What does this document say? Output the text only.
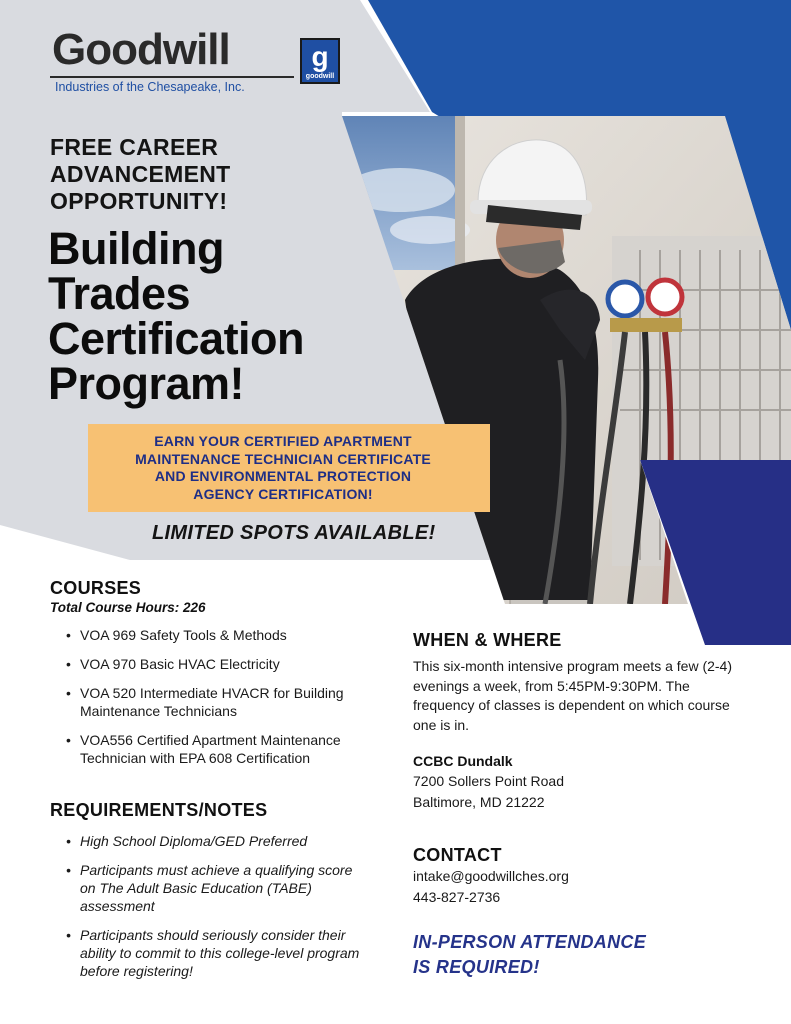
Goodwill
Industries of the Chesapeake, Inc.
g
goodwill
FREE CAREER
ADVANCEMENT
OPPORTUNITY!
Building
Trades
Certification
Program!
EARN YOUR CERTIFIED APARTMENT
MAINTENANCE TECHNICIAN CERTIFICATE
AND ENVIRONMENTAL PROTECTION
AGENCY CERTIFICATION!
LIMITED SPOTS AVAILABLE!
COURSES
Total Course Hours: 226
• VOA 969 Safety Tools & Methods
• VOA 970 Basic HVAC Electricity
• VOA 520 Intermediate HVACR for Building Maintenance Technicians
• VOA556 Certified Apartment Maintenance Technician with EPA 608 Certification
REQUIREMENTS/NOTES
• High School Diploma/GED Preferred
• Participants must achieve a qualifying score on The Adult Basic Education (TABE) assessment
• Participants should seriously consider their ability to commit to this college-level program before registering!
WHEN & WHERE
This six-month intensive program meets a few (2-4) evenings a week, from 5:45PM-9:30PM. The frequency of classes is dependent on which course one is in.
CCBC Dundalk
7200 Sollers Point Road
Baltimore, MD 21222
CONTACT
intake@goodwillches.org
443-827-2736
IN-PERSON ATTENDANCE
IS REQUIRED!
